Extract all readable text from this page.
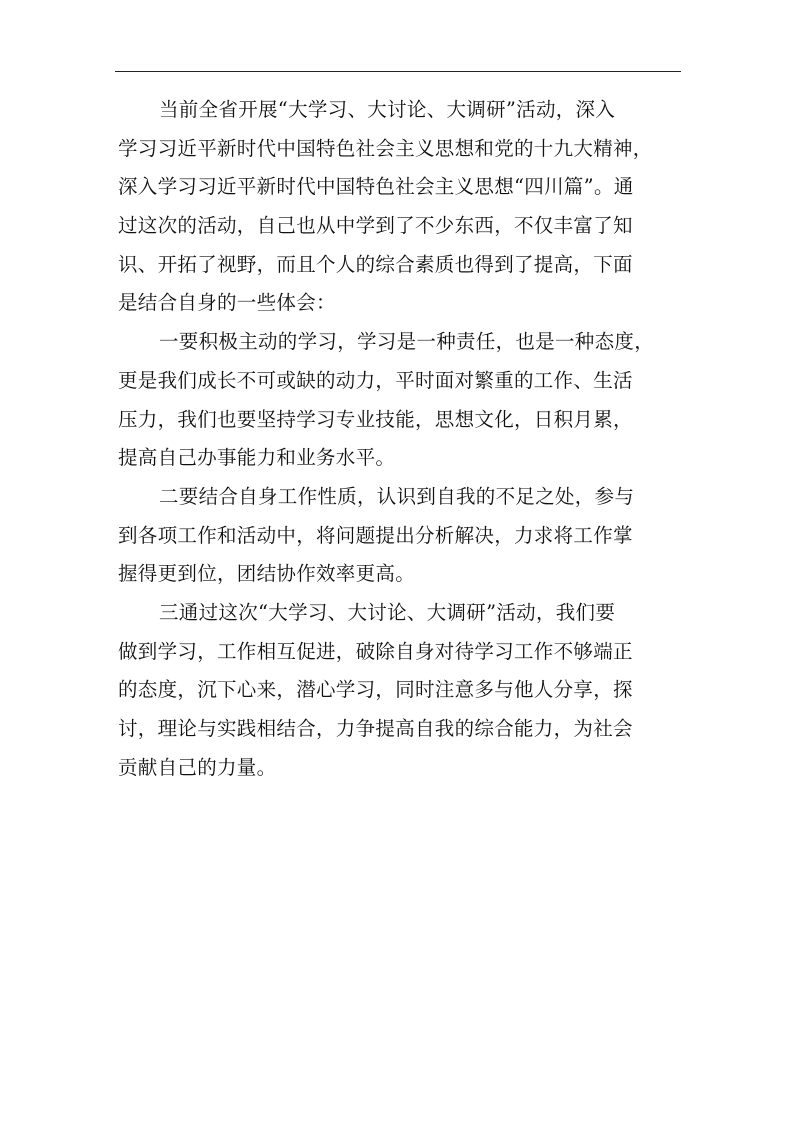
当前全省开展“大学习、大讨论、大调研”活动，深入
学习习近平新时代中国特色社会主义思想和党的十九大精神，
深入学习习近平新时代中国特色社会主义思想“四川篇”。通
过这次的活动，自己也从中学到了不少东西，不仅丰富了知
识、开拓了视野，而且个人的综合素质也得到了提高，下面
是结合自身的一些体会：
一要积极主动的学习，学习是一种责任，也是一种态度，
更是我们成长不可或缺的动力，平时面对繁重的工作、生活
压力，我们也要坚持学习专业技能，思想文化，日积月累，
提高自己办事能力和业务水平。
二要结合自身工作性质，认识到自我的不足之处，参与
到各项工作和活动中，将问题提出分析解决，力求将工作掌
握得更到位，团结协作效率更高。
三通过这次“大学习、大讨论、大调研”活动，我们要
做到学习，工作相互促进，破除自身对待学习工作不够端正
的态度，沉下心来，潜心学习，同时注意多与他人分享，探
讨，理论与实践相结合，力争提高自我的综合能力，为社会
贡献自己的力量。
